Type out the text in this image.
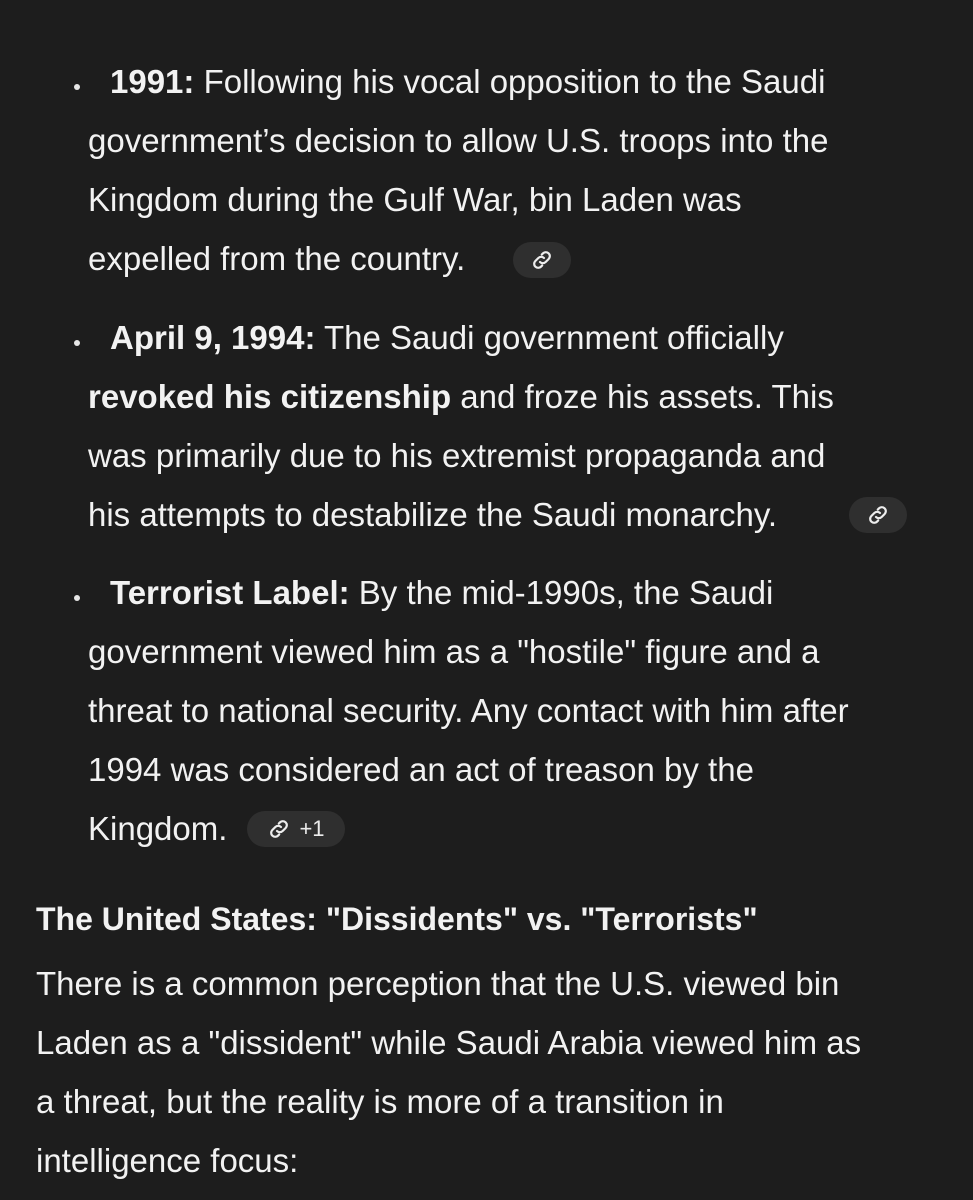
1991: Following his vocal opposition to the Saudi
government’s decision to allow U.S. troops into the
Kingdom during the Gulf War, bin Laden was
expelled from the country.
April 9, 1994: The Saudi government officially
revoked his citizenship and froze his assets. This
was primarily due to his extremist propaganda and
his attempts to destabilize the Saudi monarchy.
Terrorist Label: By the mid-1990s, the Saudi
government viewed him as a "hostile" figure and a
threat to national security. Any contact with him after
1994 was considered an act of treason by the
Kingdom.	+1
The United States: "Dissidents" vs. "Terrorists"
There is a common perception that the U.S. viewed bin
Laden as a "dissident" while Saudi Arabia viewed him as
a threat, but the reality is more of a transition in
intelligence focus:
